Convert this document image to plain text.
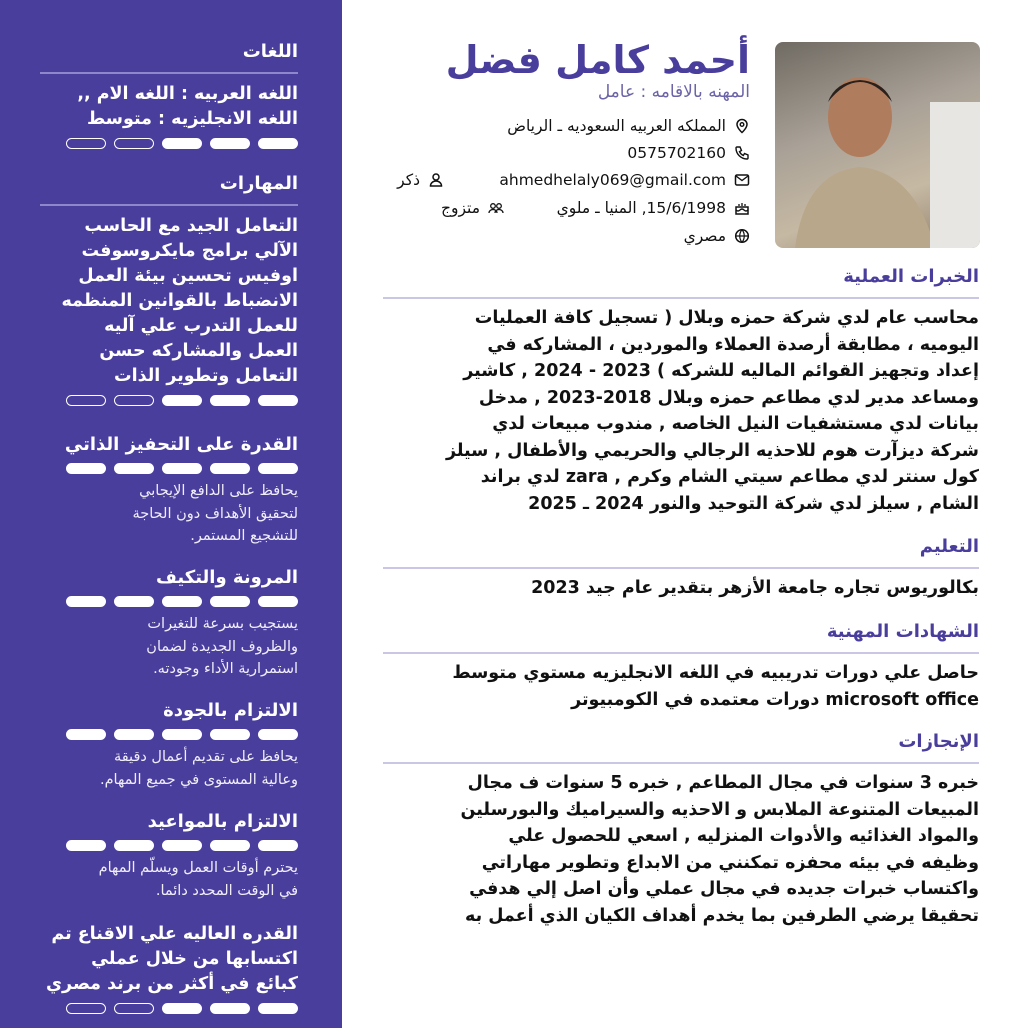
اللغات
اللغه العربيه : اللغه الام ,,
اللغه الانجليزيه : متوسط
المهارات
التعامل الجيد مع الحاسب
الآلي برامج مايكروسوفت
اوفيس تحسين بيئة العمل
الانضباط بالقوانين المنظمه
للعمل التدرب علي آليه
العمل والمشاركه حسن
التعامل وتطوير الذات
القدرة على التحفيز الذاتي
يحافظ على الدافع الإيجابي
لتحقيق الأهداف دون الحاجة
للتشجيع المستمر.
المرونة والتكيف
يستجيب بسرعة للتغيرات
والظروف الجديدة لضمان
استمرارية الأداء وجودته.
الالتزام بالجودة
يحافظ على تقديم أعمال دقيقة
وعالية المستوى في جميع المهام.
الالتزام بالمواعيد
يحترم أوقات العمل ويسلّم المهام
في الوقت المحدد دائما.
القدره العاليه علي الاقناع تم
اكتسابها من خلال عملي
كبائع في أكثر من برند مصري
أحمد كامل فضل
المهنه بالاقامه : عامل
المملكه العربيه السعوديه ـ الرياض
0575702160
ahmedhelaly069@gmail.com
ذكر
15/6/1998, المنيا ـ ملوي
متزوج
مصري
الخبرات العملية
محاسب عام لدي شركة حمزه وبلال ( تسجيل كافة العمليات
اليوميه ، مطابقة أرصدة العملاء والموردين ، المشاركه في
إعداد وتجهيز القوائم الماليه للشركه ) 2023 - 2024 , كاشير
ومساعد مدير لدي مطاعم حمزه وبلال 2018-2023 , مدخل
بيانات لدي مستشفيات النيل الخاصه , مندوب مبيعات لدي
شركة ديزآرت هوم للاحذيه الرجالي والحريمي والأطفال , سيلز
لدي براند zara , كول سنتر لدي مطاعم سيتي الشام وكرم
الشام , سيلز لدي شركة التوحيد والنور 2024 ـ 2025
التعليم
بكالوريوس تجاره جامعة الأزهر بتقدير عام جيد 2023
الشهادات المهنية
حاصل علي دورات تدريبيه في اللغه الانجليزيه مستوي متوسط
دورات معتمده في الكومبيوتر microsoft office
الإنجازات
خبره 3 سنوات في مجال المطاعم , خبره 5 سنوات ف مجال
المبيعات المتنوعة الملابس و الاحذيه والسيراميك والبورسلين
والمواد الغذائيه والأدوات المنزليه , اسعي للحصول علي
وظيفه في بيئه محفزه تمكنني من الابداع وتطوير مهاراتي
واكتساب خبرات جديده في مجال عملي وأن اصل إلي هدفي
تحقيقا يرضي الطرفين بما يخدم أهداف الكيان الذي أعمل به
